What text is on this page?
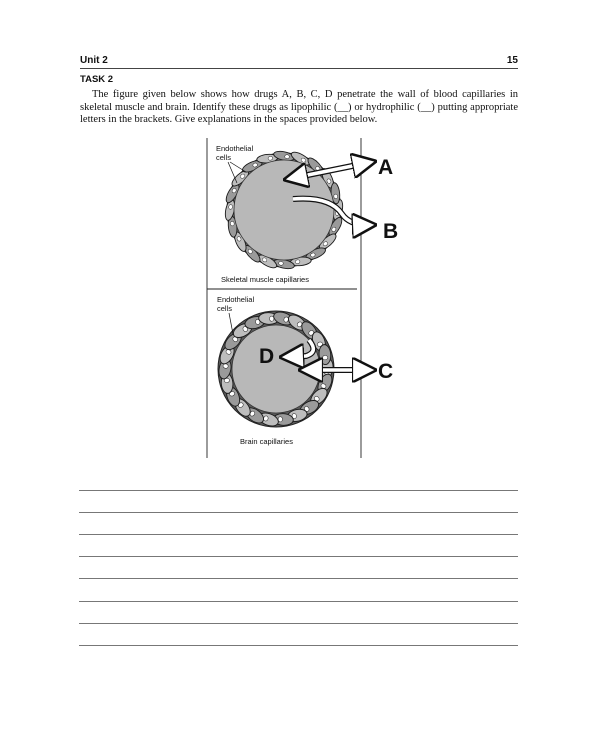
Unit 2	15
TASK 2

The figure given below shows how drugs A, B, C, D penetrate the wall of blood capillaries in skeletal muscle and brain. Identify these drugs as lipophilic (__) or hydrophilic (__) putting appropriate letters in the brackets. Give explanations in the spaces provided below.

Endothelial
cells	A
B
Skeletal muscle capillaries
Endothelial
cells
D
C
Brain capillaries
